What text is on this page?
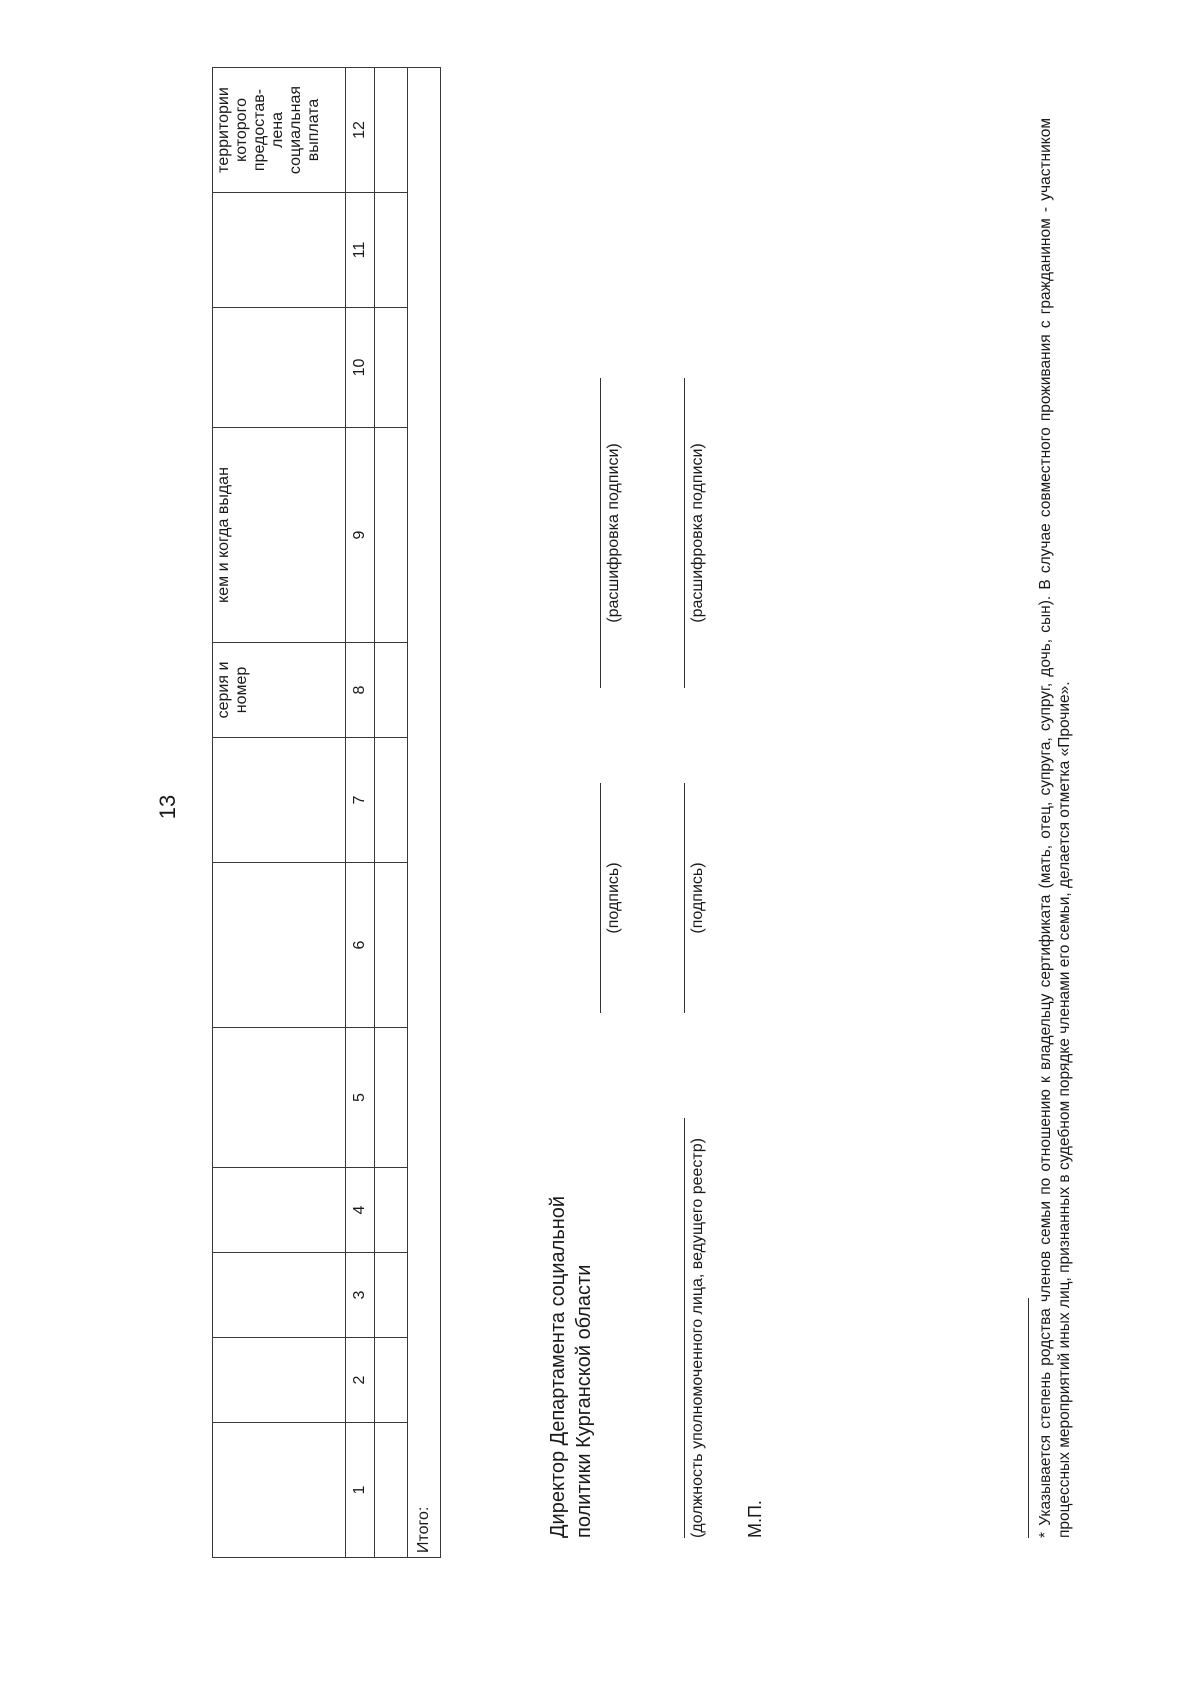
13
							серия и номер	кем и когда выдан			территории которого предостав-лена социальная выплата
1	2	3	4	5	6	7	8	9	10	11	12

Итого:												Директор Департамента социальной политики Курганской области
(подпись)
(расшифровка подписи)
(должность уполномоченного лица, ведущего реестр)
(подпись)
(расшифровка подписи)
М.П.	* Указывается степень родства членов семьи по отношению к владельцу сертификата (мать, отец, супруга, супруг, дочь, сын). В случае совместного проживания с гражданином - участником процессных мероприятий иных лиц, признанных в судебном порядке членами его семьи, делается отметка «Прочие».
